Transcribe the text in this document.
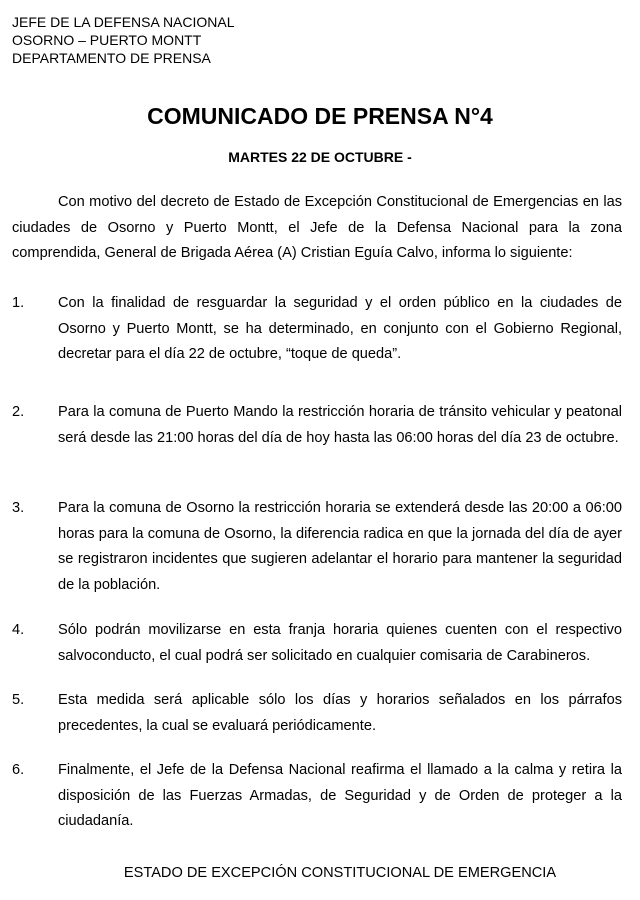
JEFE DE LA DEFENSA NACIONAL
OSORNO – PUERTO MONTT
DEPARTAMENTO DE PRENSA
COMUNICADO DE PRENSA N°4
MARTES 22 DE OCTUBRE -
Con motivo del decreto de Estado de Excepción Constitucional de Emergencias en las ciudades de Osorno y Puerto Montt, el Jefe de la Defensa Nacional para la zona comprendida, General de Brigada Aérea (A) Cristian Eguía Calvo, informa lo siguiente:
1. Con la finalidad de resguardar la seguridad y el orden público en la ciudades de Osorno y Puerto Montt, se ha determinado, en conjunto con el Gobierno Regional, decretar para el día 22 de octubre, “toque de queda”.
2. Para la comuna de Puerto Mando la restricción horaria de tránsito vehicular y peatonal será desde las 21:00 horas del día de hoy hasta las 06:00 horas del día 23 de octubre.
3. Para la comuna de Osorno la restricción horaria se extenderá desde las 20:00 a 06:00 horas para la comuna de Osorno, la diferencia radica en que la jornada del día de ayer se registraron incidentes que sugieren adelantar el horario para mantener la seguridad de la población.
4. Sólo podrán movilizarse en esta franja horaria quienes cuenten con el respectivo salvoconducto, el cual podrá ser solicitado en cualquier comisaria de Carabineros.
5. Esta medida será aplicable sólo los días y horarios señalados en los párrafos precedentes, la cual se evaluará periódicamente.
6. Finalmente, el Jefe de la Defensa Nacional reafirma el llamado a la calma y retira la disposición de las Fuerzas Armadas, de Seguridad y de Orden de proteger a la ciudadanía.
ESTADO DE EXCEPCIÓN CONSTITUCIONAL DE EMERGENCIA
